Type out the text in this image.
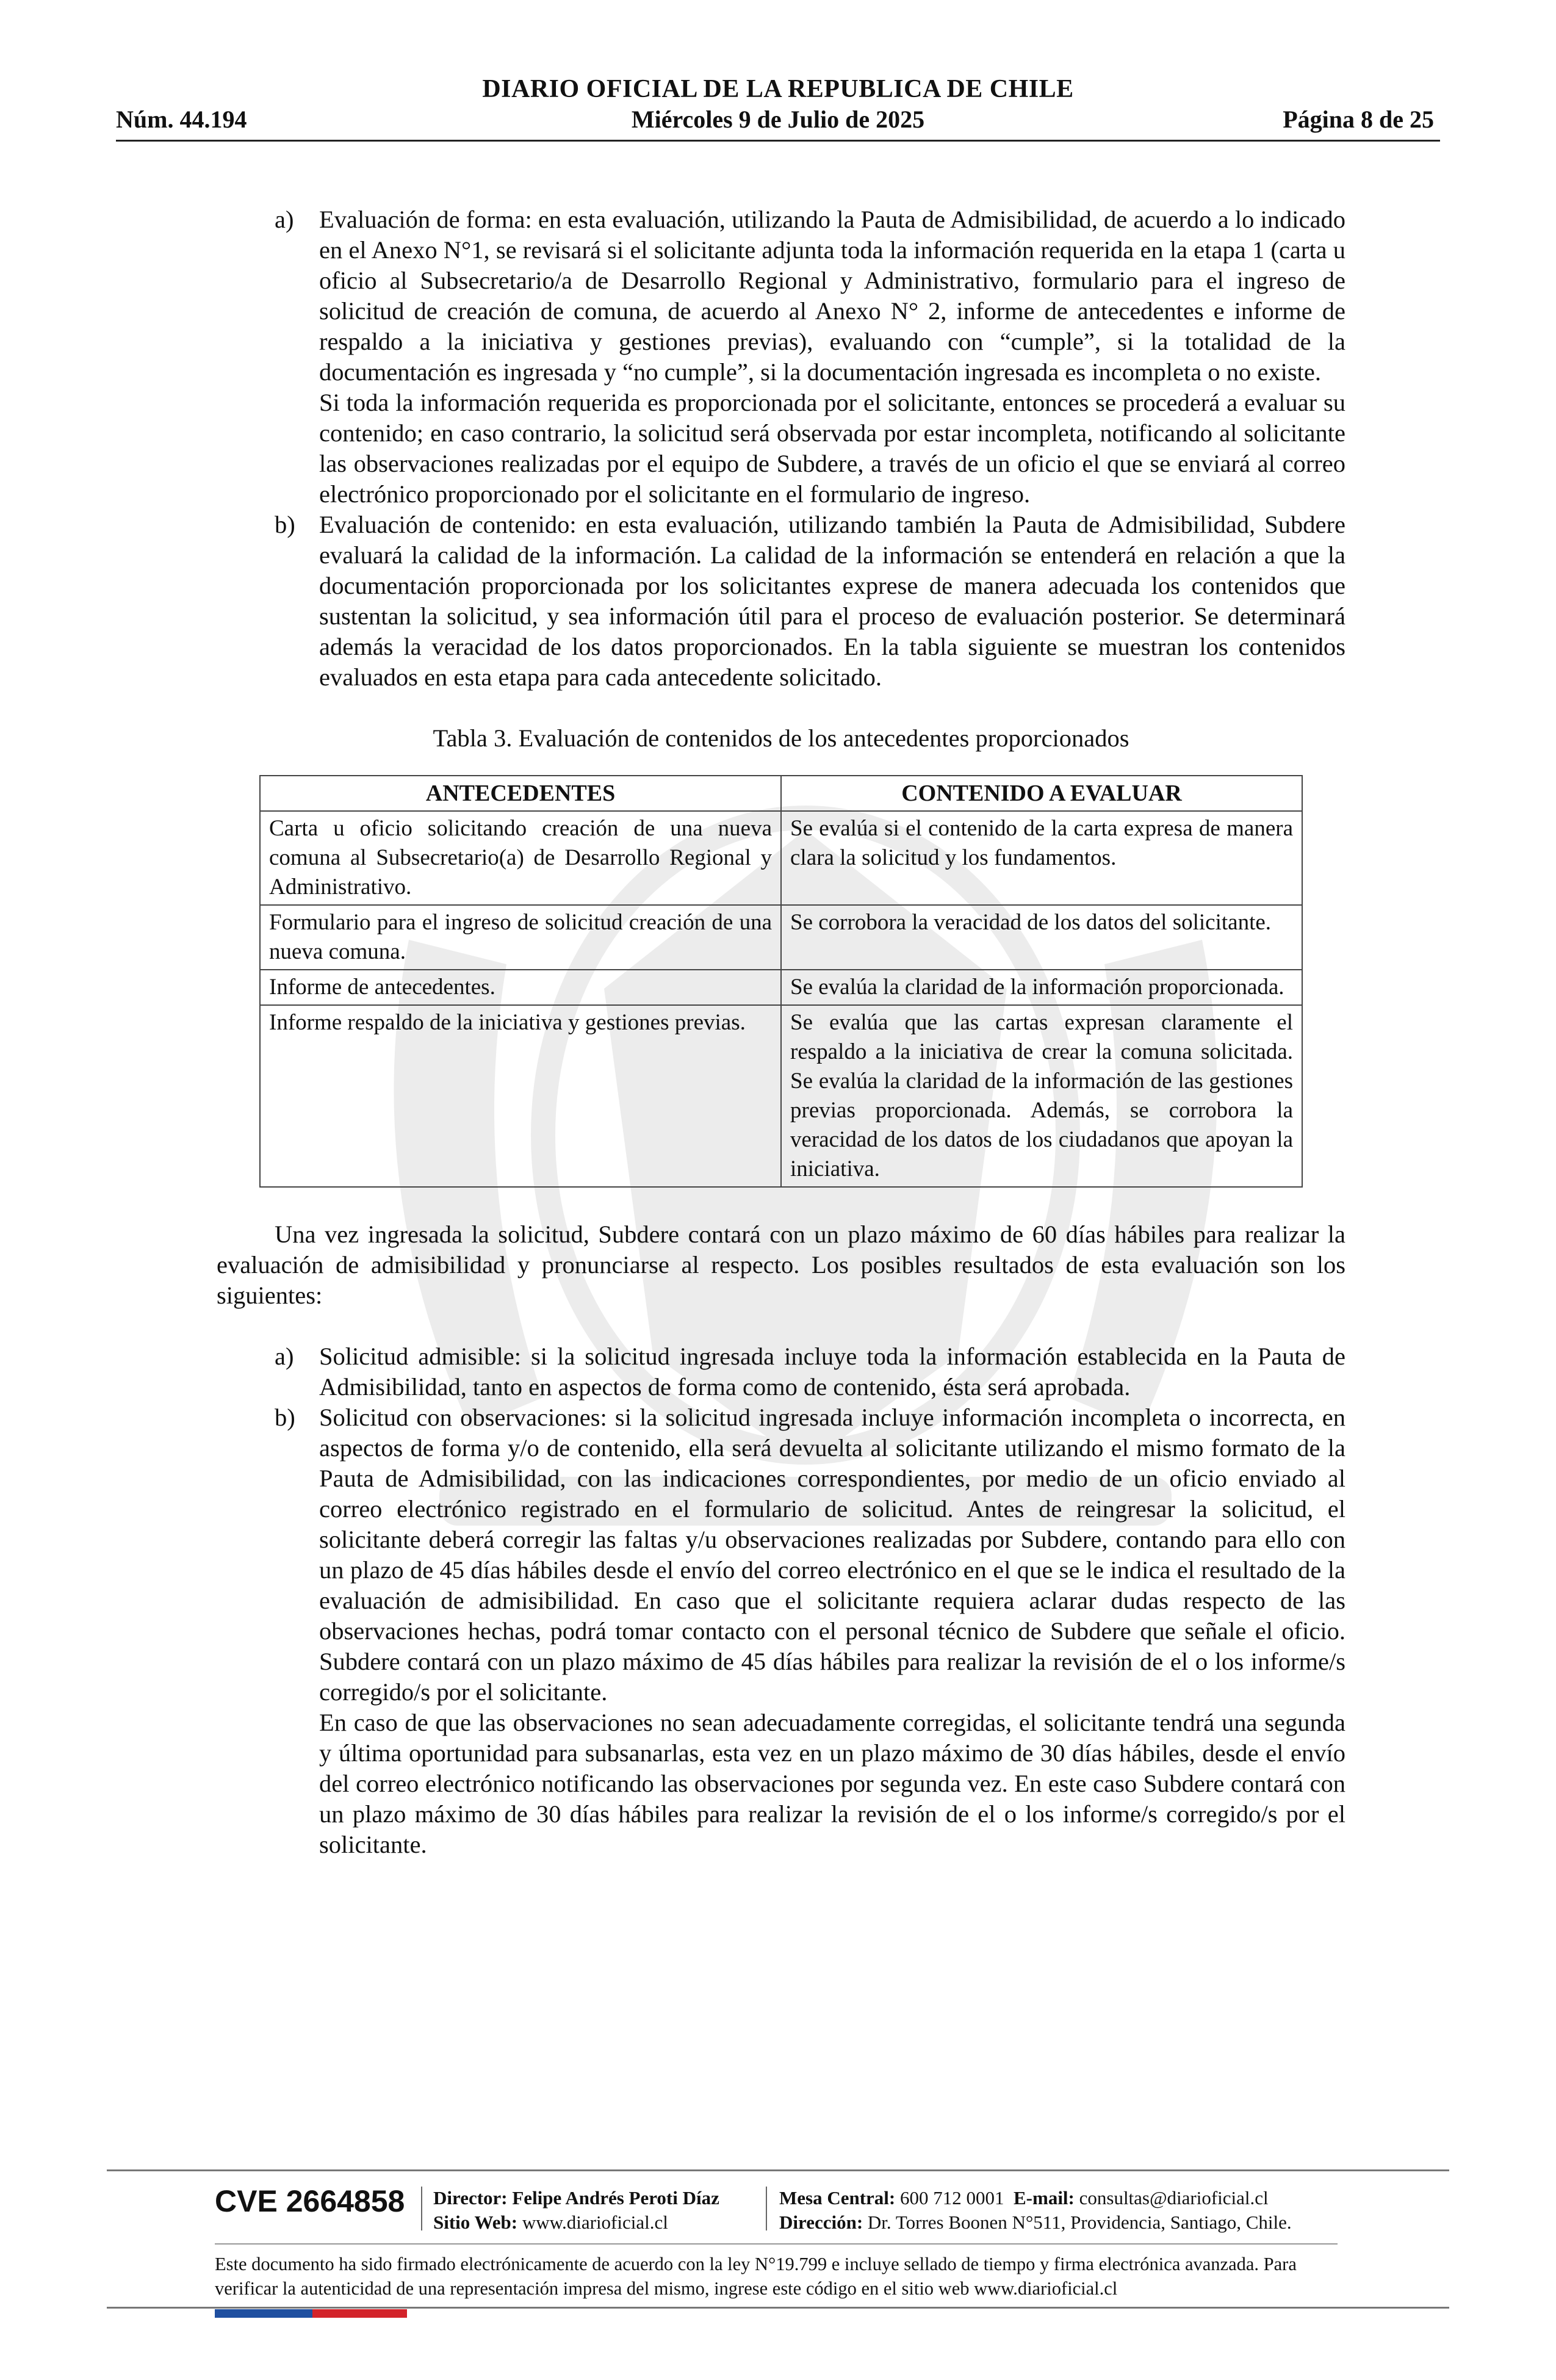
DIARIO OFICIAL DE LA REPUBLICA DE CHILE
Núm. 44.194	Miércoles 9 de Julio de 2025	Página 8 de 25
a) Evaluación de forma: en esta evaluación, utilizando la Pauta de Admisibilidad, de acuerdo a lo indicado en el Anexo N°1, se revisará si el solicitante adjunta toda la información requerida en la etapa 1 (carta u oficio al Subsecretario/a de Desarrollo Regional y Administrativo, formulario para el ingreso de solicitud de creación de comuna, de acuerdo al Anexo N° 2, informe de antecedentes e informe de respaldo a la iniciativa y gestiones previas), evaluando con “cumple”, si la totalidad de la documentación es ingresada y “no cumple”, si la documentación ingresada es incompleta o no existe.

Si toda la información requerida es proporcionada por el solicitante, entonces se procederá a evaluar su contenido; en caso contrario, la solicitud será observada por estar incompleta, notificando al solicitante las observaciones realizadas por el equipo de Subdere, a través de un oficio el que se enviará al correo electrónico proporcionado por el solicitante en el formulario de ingreso.

b) Evaluación de contenido: en esta evaluación, utilizando también la Pauta de Admisibilidad, Subdere evaluará la calidad de la información. La calidad de la información se entenderá en relación a que la documentación proporcionada por los solicitantes exprese de manera adecuada los contenidos que sustentan la solicitud, y sea información útil para el proceso de evaluación posterior. Se determinará además la veracidad de los datos proporcionados. En la tabla siguiente se muestran los contenidos evaluados en esta etapa para cada antecedente solicitado.

Tabla 3. Evaluación de contenidos de los antecedentes proporcionados
ANTECEDENTES	CONTENIDO A EVALUAR
Carta u oficio solicitando creación de una nueva comuna al Subsecretario(a) de Desarrollo Regional y Administrativo.	Se evalúa si el contenido de la carta expresa de manera clara la solicitud y los fundamentos.
Formulario para el ingreso de solicitud creación de una nueva comuna.	Se corrobora la veracidad de los datos del solicitante.
Informe de antecedentes.	Se evalúa la claridad de la información proporcionada.
Informe respaldo de la iniciativa y gestiones previas.	Se evalúa que las cartas expresan claramente el respaldo a la iniciativa de crear la comuna solicitada. Se evalúa la claridad de la información de las gestiones previas proporcionada. Además, se corrobora la veracidad de los datos de los ciudadanos que apoyan la iniciativa.

Una vez ingresada la solicitud, Subdere contará con un plazo máximo de 60 días hábiles para realizar la evaluación de admisibilidad y pronunciarse al respecto. Los posibles resultados de esta evaluación son los siguientes:

a) Solicitud admisible: si la solicitud ingresada incluye toda la información establecida en la Pauta de Admisibilidad, tanto en aspectos de forma como de contenido, ésta será aprobada.

b) Solicitud con observaciones: si la solicitud ingresada incluye información incompleta o incorrecta, en aspectos de forma y/o de contenido, ella será devuelta al solicitante utilizando el mismo formato de la Pauta de Admisibilidad, con las indicaciones correspondientes, por medio de un oficio enviado al correo electrónico registrado en el formulario de solicitud. Antes de reingresar la solicitud, el solicitante deberá corregir las faltas y/u observaciones realizadas por Subdere, contando para ello con un plazo de 45 días hábiles desde el envío del correo electrónico en el que se le indica el resultado de la evaluación de admisibilidad. En caso que el solicitante requiera aclarar dudas respecto de las observaciones hechas, podrá tomar contacto con el personal técnico de Subdere que señale el oficio. Subdere contará con un plazo máximo de 45 días hábiles para realizar la revisión de el o los informe/s corregido/s por el solicitante.

En caso de que las observaciones no sean adecuadamente corregidas, el solicitante tendrá una segunda y última oportunidad para subsanarlas, esta vez en un plazo máximo de 30 días hábiles, desde el envío del correo electrónico notificando las observaciones por segunda vez. En este caso Subdere contará con un plazo máximo de 30 días hábiles para realizar la revisión de el o los informe/s corregido/s por el solicitante.

CVE 2664858 Director: Felipe Andrés Peroti Díaz
Sitio Web: www.diarioficial.cl
Mesa Central: 600 712 0001 E-mail: consultas@diarioficial.cl
Dirección: Dr. Torres Boonen N°511, Providencia, Santiago, Chile.
Este documento ha sido firmado electrónicamente de acuerdo con la ley N°19.799 e incluye sellado de tiempo y firma electrónica avanzada. Para verificar la autenticidad de una representación impresa del mismo, ingrese este código en el sitio web www.diarioficial.cl
